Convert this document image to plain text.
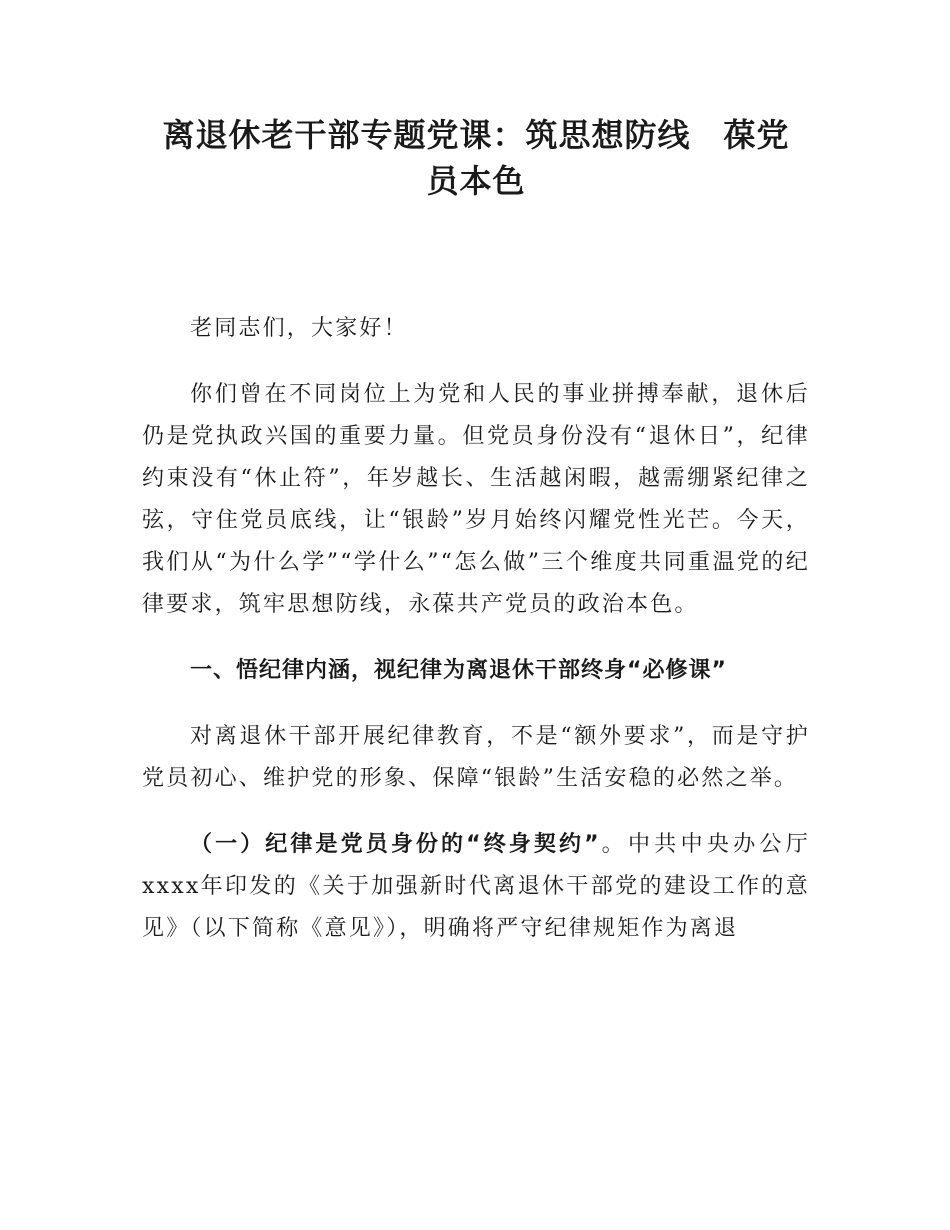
离退休老干部专题党课：筑思想防线　葆党
员本色

老同志们，大家好！

你们曾在不同岗位上为党和人民的事业拼搏奉献，退休后仍是党执政兴国的重要力量。但党员身份没有“退休日”，纪律约束没有“休止符”，年岁越长、生活越闲暇，越需绷紧纪律之弦，守住党员底线，让“银龄”岁月始终闪耀党性光芒。今天，我们从“为什么学”“学什么”“怎么做”三个维度共同重温党的纪律要求，筑牢思想防线，永葆共产党员的政治本色。

一、悟纪律内涵，视纪律为离退休干部终身“必修课”

对离退休干部开展纪律教育，不是“额外要求”，而是守护党员初心、维护党的形象、保障“银龄”生活安稳的必然之举。

（一）纪律是党员身份的“终身契约”。中共中央办公厅xxxx年印发的《关于加强新时代离退休干部党的建设工作的意见》（以下简称《意见》），明确将严守纪律规矩作为离退
